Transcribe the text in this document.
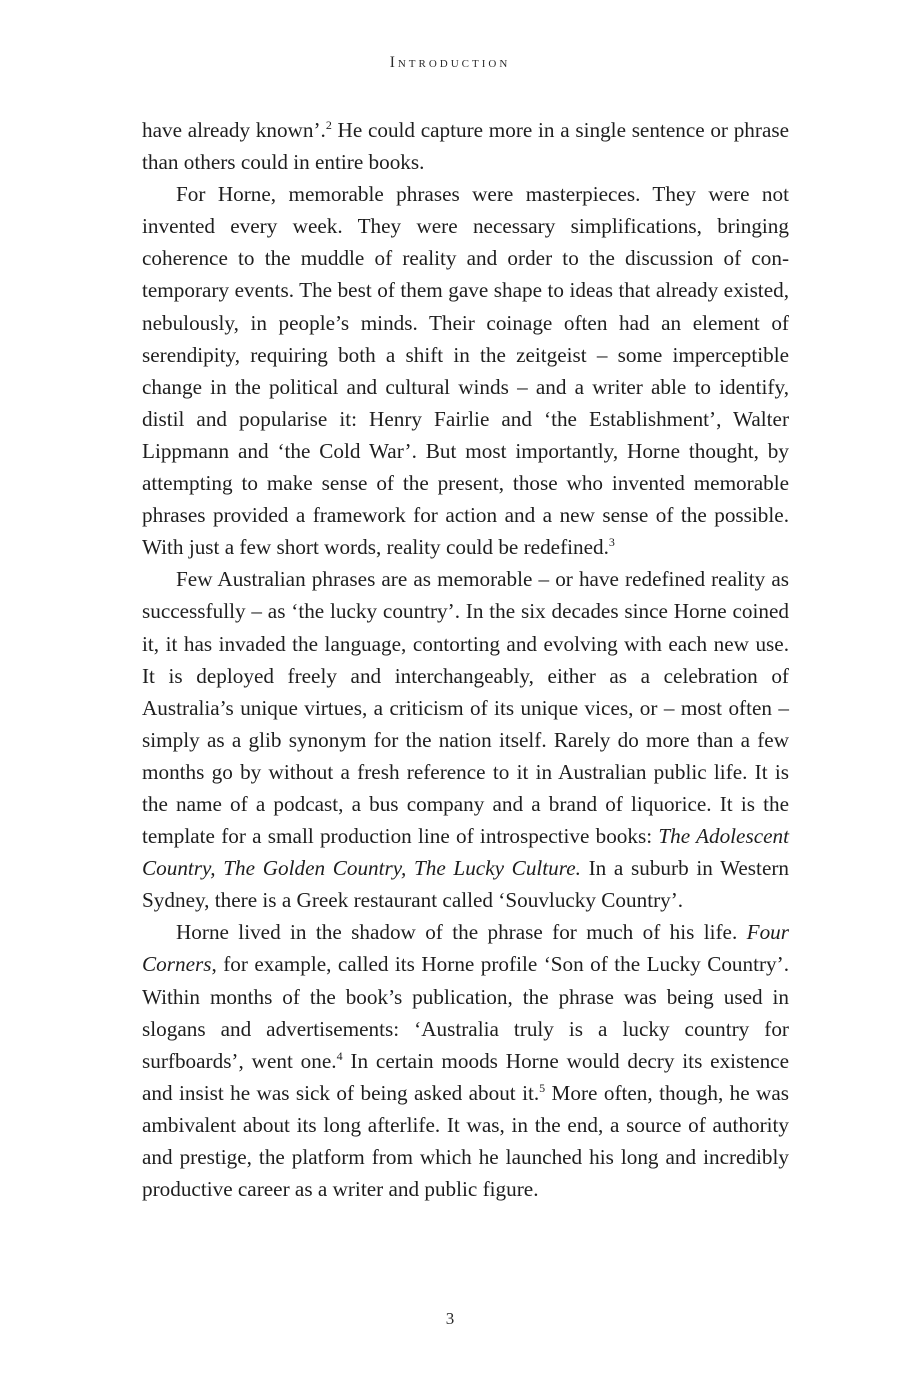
Introduction

have already known’.$^2$ He could capture more in a single sentence or phrase than others could in entire books.

For Horne, memorable phrases were masterpieces. They were not invented every week. They were necessary simplifications, bringing coherence to the muddle of reality and order to the discussion of contemporary events. The best of them gave shape to ideas that already existed, nebulously, in people’s minds. Their coinage often had an element of serendipity, requiring both a shift in the zeitgeist – some imperceptible change in the political and cultural winds – and a writer able to identify, distil and popularise it: Henry Fairlie and ‘the Establishment’, Walter Lippmann and ‘the Cold War’. But most importantly, Horne thought, by attempting to make sense of the present, those who invented memorable phrases provided a framework for action and a new sense of the possible. With just a few short words, reality could be redefined.$^3$

Few Australian phrases are as memorable – or have redefined reality as successfully – as ‘the lucky country’. In the six decades since Horne coined it, it has invaded the language, contorting and evolving with each new use. It is deployed freely and interchangeably, either as a celebration of Australia’s unique virtues, a criticism of its unique vices, or – most often – simply as a glib synonym for the nation itself. Rarely do more than a few months go by without a fresh reference to it in Australian public life. It is the name of a podcast, a bus company and a brand of liquorice. It is the template for a small production line of introspective books: The Adolescent Country, The Golden Country, The Lucky Culture. In a suburb in Western Sydney, there is a Greek restaurant called ‘Souvlucky Country’.

Horne lived in the shadow of the phrase for much of his life. Four Corners, for example, called its Horne profile ‘Son of the Lucky Country’. Within months of the book’s publication, the phrase was being used in slogans and advertisements: ‘Australia truly is a lucky country for surfboards’, went one.$^4$ In certain moods Horne would decry its existence and insist he was sick of being asked about it.$^5$ More often, though, he was ambivalent about its long afterlife. It was, in the end, a source of authority and prestige, the platform from which he launched his long and incredibly productive career as a writer and public figure.

3
